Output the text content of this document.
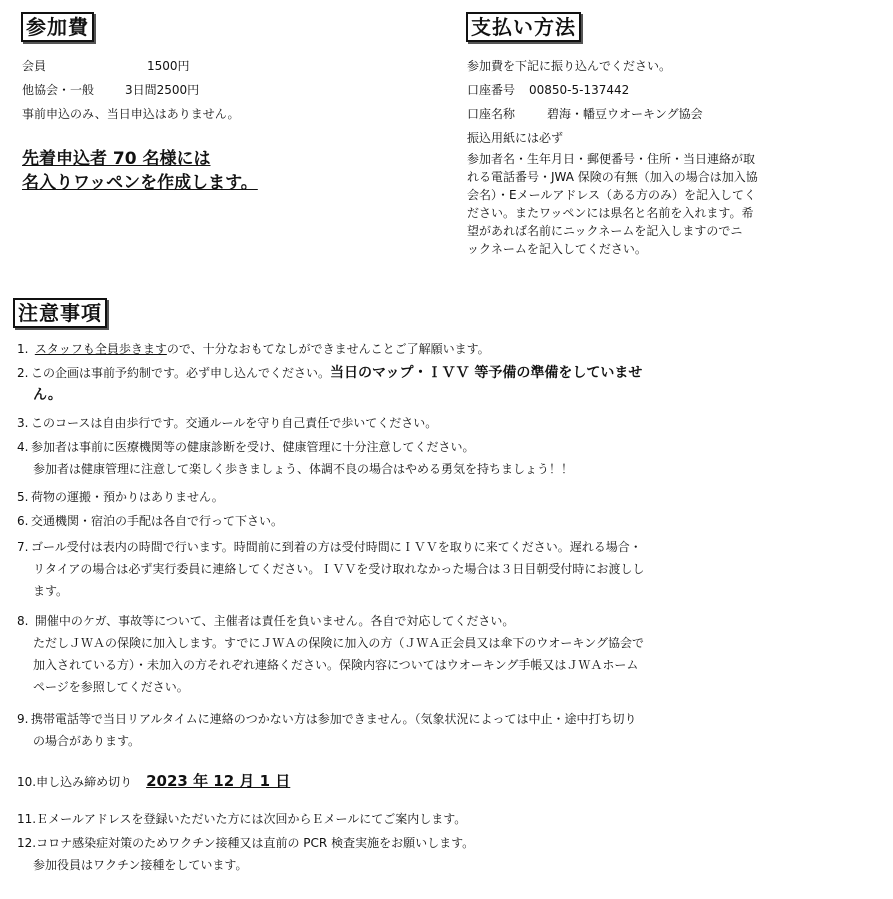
参加費
会員	1500円
他協会・一般	3日間2500円
事前申込のみ、当日申込はありません。
先着申込者 70 名様には
名入りワッペンを作成します。
支払い方法
参加費を下記に振り込んでください。
口座番号 00850-5-137442
口座名称	碧海・幡豆ウオーキング協会
振込用紙には必ず
参加者名・生年月日・郵便番号・住所・当日連絡が取
れる電話番号・JWA 保険の有無（加入の場合は加入協
会名）・Eメールアドレス（ある方のみ）を記入してく
ださい。またワッペンには県名と名前を入れます。希
望があれば名前にニックネームを記入しますのでニ
ックネームを記入してください。
注意事項
1. スタッフも全員歩きますので、十分なおもてなしができませんことご了解願います。
2. この企画は事前予約制です。必ず申し込んでください。当日のマップ・ＩＶＶ 等予備の準備をしていませ
ん。
3. このコースは自由歩行です。交通ルールを守り自己責任で歩いてください。
4. 参加者は事前に医療機関等の健康診断を受け、健康管理に十分注意してください。
参加者は健康管理に注意して楽しく歩きましょう、体調不良の場合はやめる勇気を持ちましょう！！
5. 荷物の運搬・預かりはありません。
6. 交通機関・宿泊の手配は各自で行って下さい。
7. ゴール受付は表内の時間で行います。時間前に到着の方は受付時間にＩＶＶを取りに来てください。遅れる場合・
リタイアの場合は必ず実行委員に連絡してください。ＩＶＶを受け取れなかった場合は３日目朝受付時にお渡しし
ます。
8. 開催中のケガ、事故等について、主催者は責任を負いません。各自で対応してください。
ただしＪＷＡの保険に加入します。すでにＪＷＡの保険に加入の方（ＪＷＡ正会員又は傘下のウオーキング協会で
加入されている方）・未加入の方それぞれ連絡ください。保険内容についてはウオーキング手帳又はＪＷＡホーム
ページを参照してください。
9. 携帯電話等で当日リアルタイムに連絡のつかない方は参加できません。（気象状況によっては中止・途中打ち切り
の場合があります。
10.申し込み締め切り 2023 年 12 月 1 日
11.Ｅメールアドレスを登録いただいた方には次回からＥメールにてご案内します。
12.コロナ感染症対策のためワクチン接種又は直前の PCR 検査実施をお願いします。
参加役員はワクチン接種をしています。
